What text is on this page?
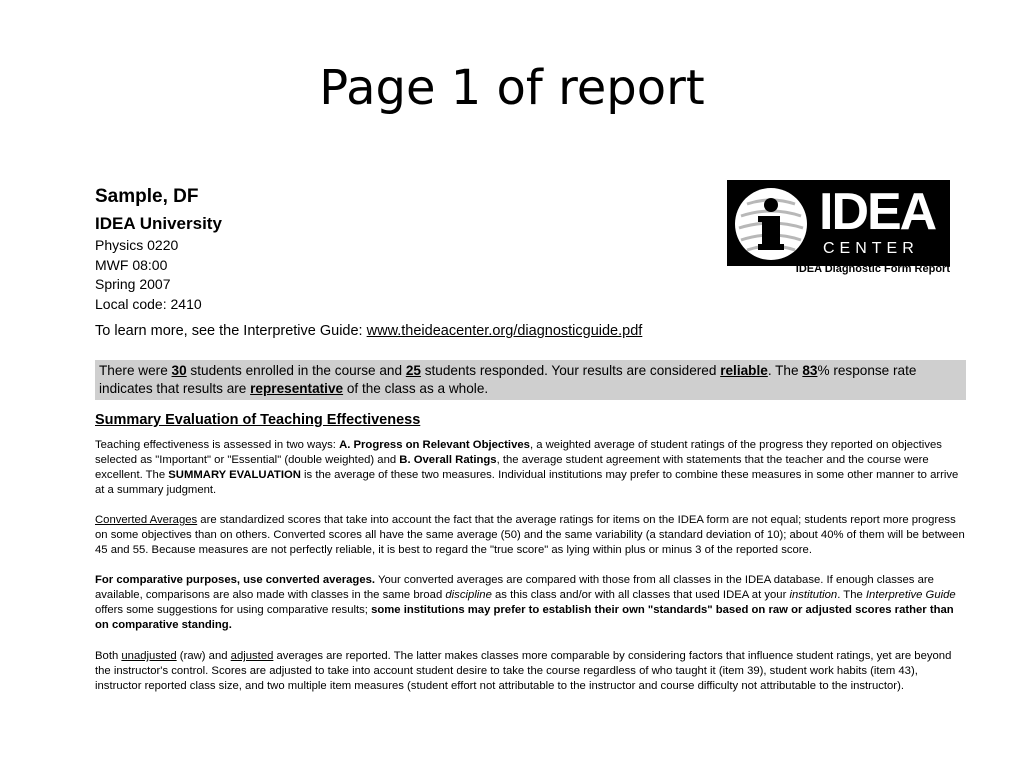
Page 1 of report
Sample, DF
IDEA University
Physics 0220
MWF 08:00
Spring 2007
Local code: 2410
To learn more, see the Interpretive Guide: www.theideacenter.org/diagnosticguide.pdf
IDEA
CENTER
IDEA Diagnostic Form Report
There were 30 students enrolled in the course and 25 students responded. Your results are considered reliable. The 83% response rate indicates that results are representative of the class as a whole.
Summary Evaluation of Teaching Effectiveness
Teaching effectiveness is assessed in two ways: A. Progress on Relevant Objectives, a weighted average of student ratings of the progress they reported on objectives selected as "Important" or "Essential" (double weighted) and B. Overall Ratings, the average student agreement with statements that the teacher and the course were excellent. The SUMMARY EVALUATION is the average of these two measures. Individual institutions may prefer to combine these measures in some other manner to arrive at a summary judgment.
Converted Averages are standardized scores that take into account the fact that the average ratings for items on the IDEA form are not equal; students report more progress on some objectives than on others. Converted scores all have the same average (50) and the same variability (a standard deviation of 10); about 40% of them will be between 45 and 55. Because measures are not perfectly reliable, it is best to regard the "true score" as lying within plus or minus 3 of the reported score.
For comparative purposes, use converted averages. Your converted averages are compared with those from all classes in the IDEA database. If enough classes are available, comparisons are also made with classes in the same broad discipline as this class and/or with all classes that used IDEA at your institution. The Interpretive Guide offers some suggestions for using comparative results; some institutions may prefer to establish their own "standards" based on raw or adjusted scores rather than on comparative standing.
Both unadjusted (raw) and adjusted averages are reported. The latter makes classes more comparable by considering factors that influence student ratings, yet are beyond the instructor's control. Scores are adjusted to take into account student desire to take the course regardless of who taught it (item 39), student work habits (item 43), instructor reported class size, and two multiple item measures (student effort not attributable to the instructor and course difficulty not attributable to the instructor).
